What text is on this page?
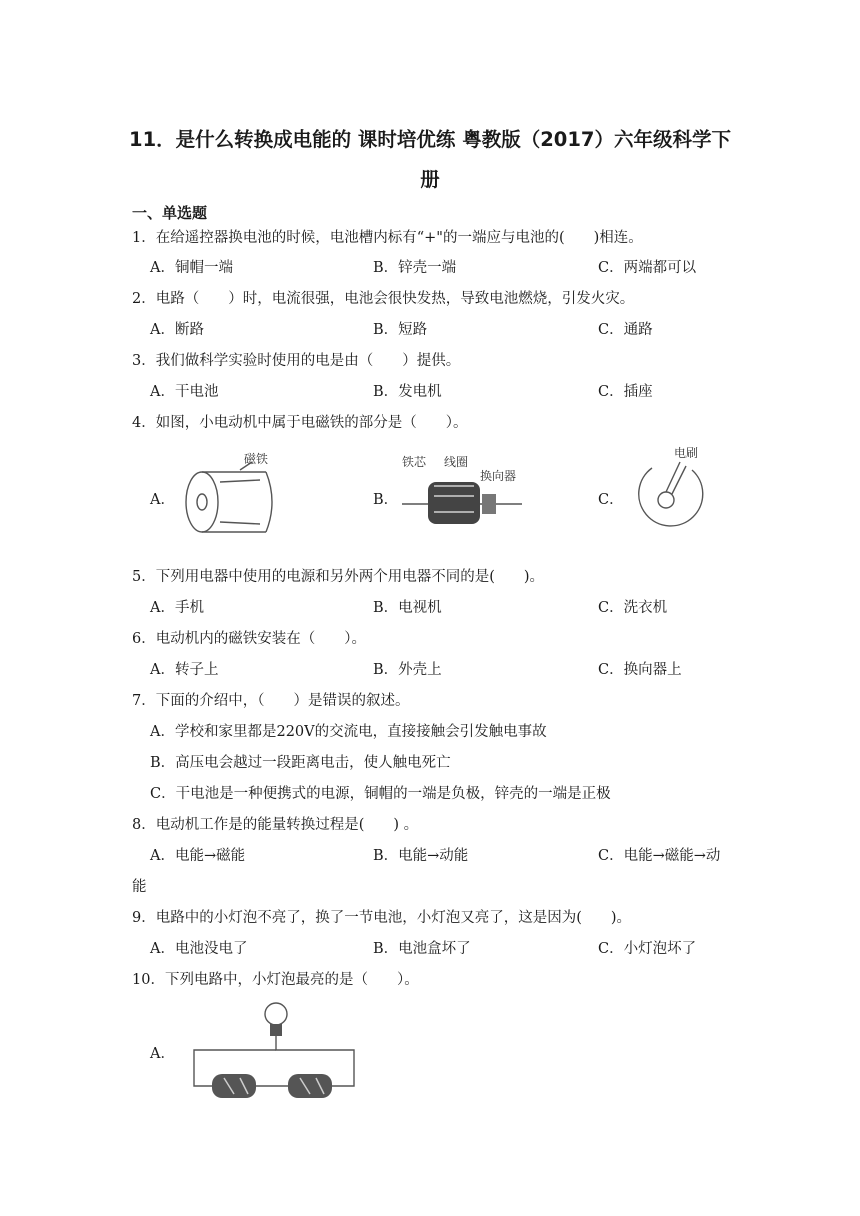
11．是什么转换成电能的 课时培优练 粤教版（2017）六年级科学下册
一、单选题
1．在给遥控器换电池的时候，电池槽内标有“+"的一端应与电池的(　　)相连。
A．铜帽一端	B．锌壳一端	C．两端都可以
2．电路（　　）时，电流很强，电池会很快发热，导致电池燃烧，引发火灾。
A．断路	B．短路	C．通路
3．我们做科学实验时使用的电是由（　　）提供。
A．干电池	B．发电机	C．插座
4．如图，小电动机中属于电磁铁的部分是（　　）。
A．	B．	C．
磁铁	铁芯 线圈
换向器
电刷
5．下列用电器中使用的电源和另外两个用电器不同的是(　　)。
A．手机	B．电视机	C．洗衣机
6．电动机内的磁铁安装在（　　）。
A．转子上	B．外壳上	C．换向器上
7．下面的介绍中，（　　）是错误的叙述。
A．学校和家里都是220V的交流电，直接接触会引发触电事故
B．高压电会越过一段距离电击，使人触电死亡
C．干电池是一种便携式的电源，铜帽的一端是负极，锌壳的一端是正极
8．电动机工作是的能量转换过程是(　　) 。
A．电能→磁能	B．电能→动能	C．电能→磁能→动
能
9．电路中的小灯泡不亮了，换了一节电池，小灯泡又亮了，这是因为(　　)。
A．电池没电了	B．电池盒坏了	C．小灯泡坏了
10．下列电路中，小灯泡最亮的是（　　）。
A．
